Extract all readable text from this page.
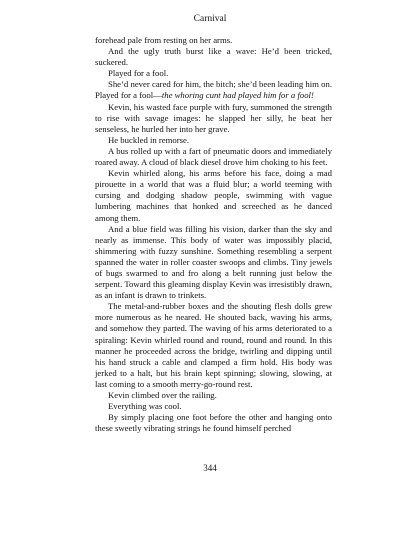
Carnival

forehead pale from resting on her arms.

And the ugly truth burst like a wave: He’d been tricked, suckered.

Played for a fool.

She’d never cared for him, the bitch; she’d been leading him on. Played for a fool—the whoring cunt had played him for a fool!

Kevin, his wasted face purple with fury, summoned the strength to rise with savage images: he slapped her silly, he beat her senseless, he hurled her into her grave.

He buckled in remorse.

A bus rolled up with a fart of pneumatic doors and immediately roared away. A cloud of black diesel drove him choking to his feet.

Kevin whirled along, his arms before his face, doing a mad pirouette in a world that was a fluid blur; a world teeming with cursing and dodging shadow people, swimming with vague lumbering machines that honked and screeched as he danced among them.

And a blue field was filling his vision, darker than the sky and nearly as immense. This body of water was impossibly placid, shimmering with fuzzy sunshine. Something resembling a serpent spanned the water in roller coaster swoops and climbs. Tiny jewels of bugs swarmed to and fro along a belt running just below the serpent. Toward this gleaming display Kevin was irresistibly drawn, as an infant is drawn to trinkets.

The metal-and-rubber boxes and the shouting flesh dolls grew more numerous as he neared. He shouted back, waving his arms, and somehow they parted. The waving of his arms deteriorated to a spiraling: Kevin whirled round and round, round and round. In this manner he proceeded across the bridge, twirling and dipping until his hand struck a cable and clamped a firm hold. His body was jerked to a halt, but his brain kept spinning; slowing, slowing, at last coming to a smooth merry-go-round rest.

Kevin climbed over the railing.

Everything was cool.

By simply placing one foot before the other and hanging onto these sweetly vibrating strings he found himself perched

344
